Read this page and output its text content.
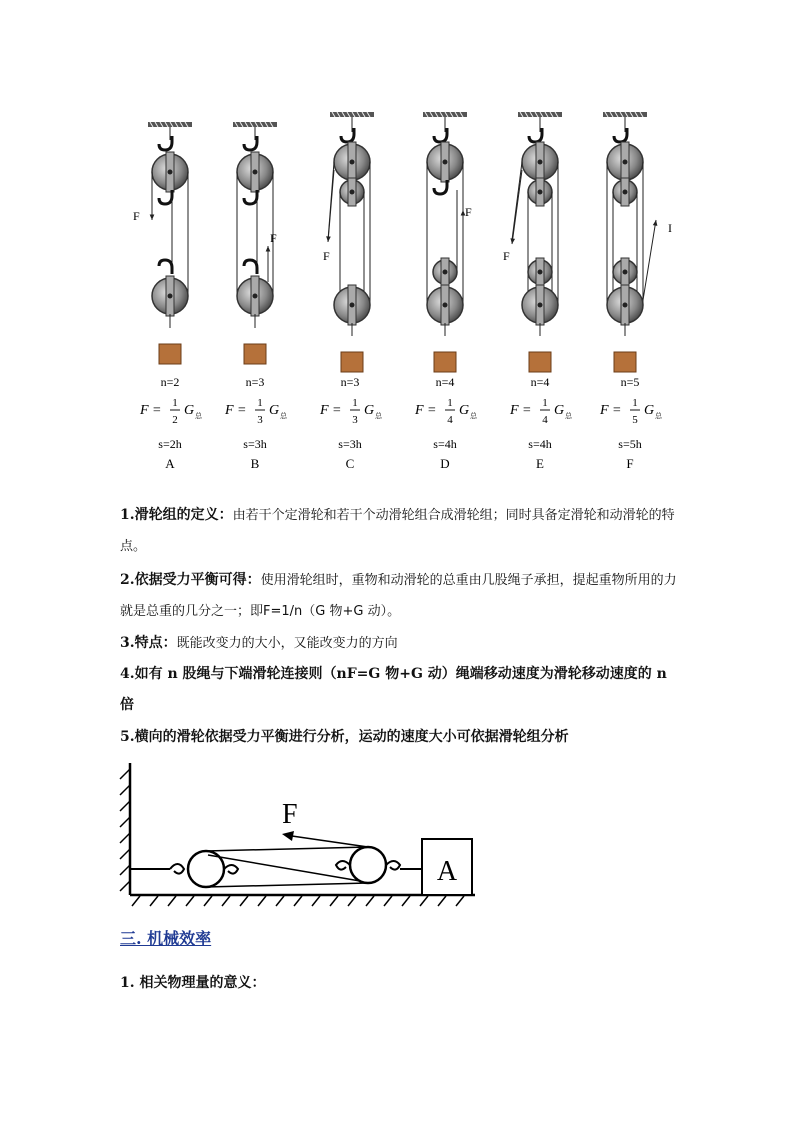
F
F
F
F
F
I
n=2
F = 1
2
G 总
s=2h
A
n=3
F = 1
3
G 总
s=3h
B
n=3
F = 1
3
G 总
s=3h
C
n=4
F = 1
4
G 总
s=4h
D
n=4
F = 1
4
G 总
s=4h
E
n=5
F = 1
5
G 总
s=5h
F
1.滑轮组的定义：由若干个定滑轮和若干个动滑轮组合成滑轮组；同时具备定滑轮和动滑轮的特点。
2.依据受力平衡可得：使用滑轮组时，重物和动滑轮的总重由几股绳子承担，提起重物所用的力就是总重的几分之一；即F=1/n（G 物+G 动）。
3.特点：既能改变力的大小，又能改变力的方向
4.如有 n 股绳与下端滑轮连接则（nF=G 物+G 动）绳端移动速度为滑轮移动速度的 n 倍
5.横向的滑轮依据受力平衡进行分析，运动的速度大小可依据滑轮组分析
F
A
三. 机械效率
1. 相关物理量的意义：
